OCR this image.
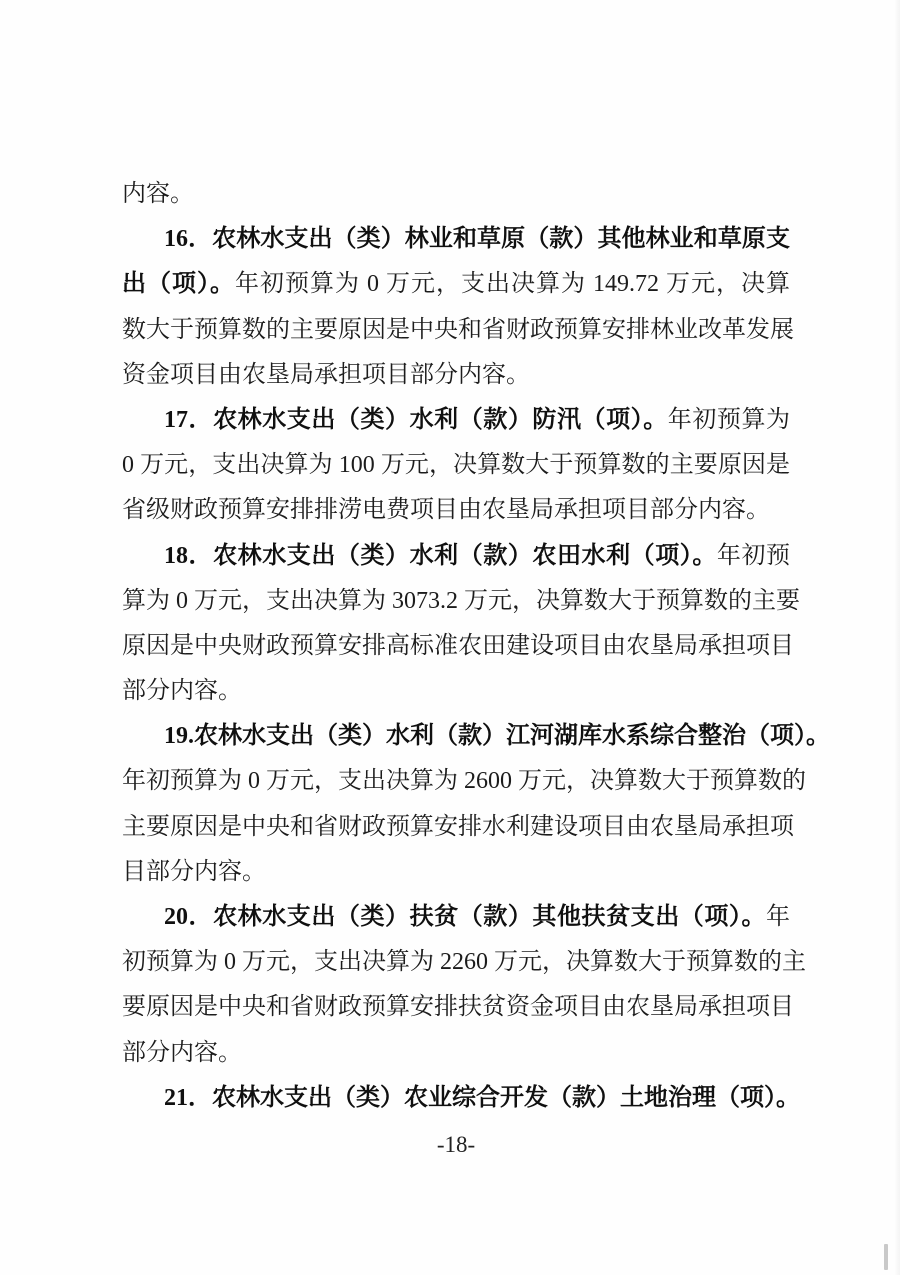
内容。
16．农林水支出（类）林业和草原（款）其他林业和草原支
出（项）。年初预算为 0 万元，支出决算为 149.72 万元，决算
数大于预算数的主要原因是中央和省财政预算安排林业改革发展
资金项目由农垦局承担项目部分内容。
17．农林水支出（类）水利（款）防汛（项）。年初预算为
0 万元，支出决算为 100 万元，决算数大于预算数的主要原因是
省级财政预算安排排涝电费项目由农垦局承担项目部分内容。
18．农林水支出（类）水利（款）农田水利（项）。年初预
算为 0 万元，支出决算为 3073.2 万元，决算数大于预算数的主要
原因是中央财政预算安排高标准农田建设项目由农垦局承担项目
部分内容。
19.农林水支出（类）水利（款）江河湖库水系综合整治（项）。
年初预算为 0 万元，支出决算为 2600 万元，决算数大于预算数的
主要原因是中央和省财政预算安排水利建设项目由农垦局承担项
目部分内容。
20．农林水支出（类）扶贫（款）其他扶贫支出（项）。年
初预算为 0 万元，支出决算为 2260 万元，决算数大于预算数的主
要原因是中央和省财政预算安排扶贫资金项目由农垦局承担项目
部分内容。
21．农林水支出（类）农业综合开发（款）土地治理（项）。
-18-
